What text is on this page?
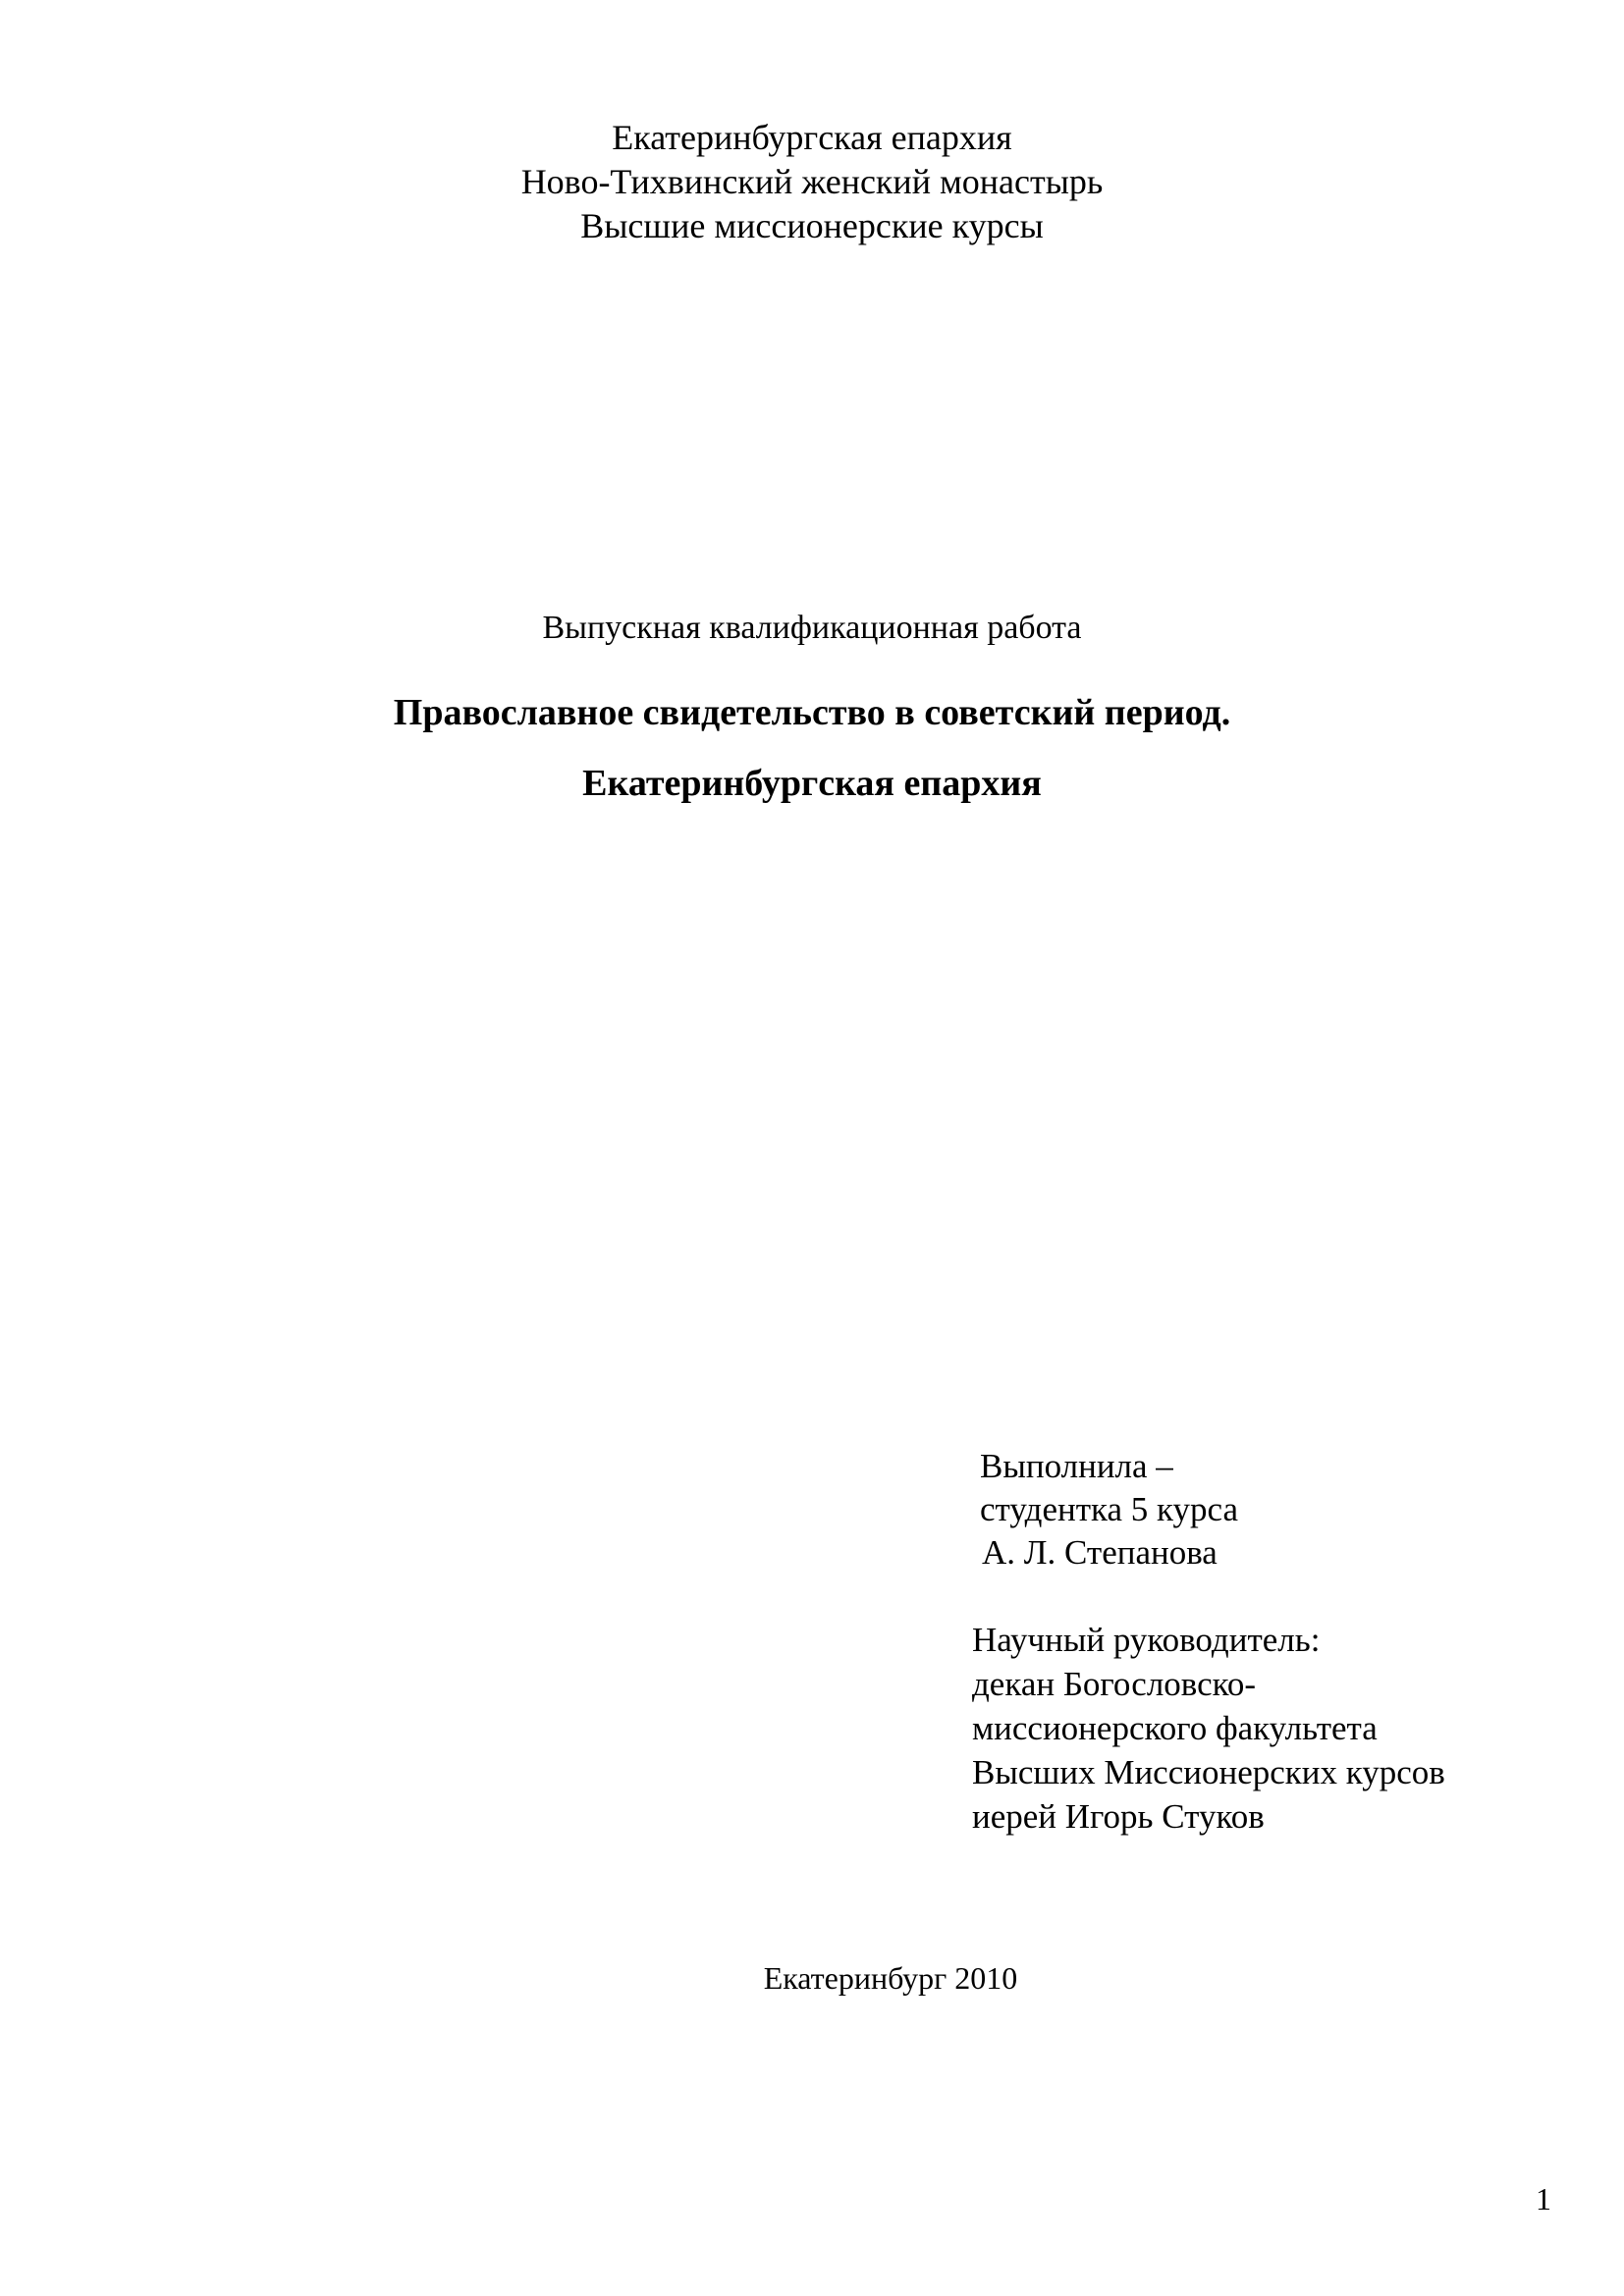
Екатеринбургская епархия
Ново-Тихвинский женский монастырь
Высшие миссионерские курсы
Выпускная квалификационная работа
Православное свидетельство в советский период.
Екатеринбургская епархия
Выполнила –
студентка 5 курса
А. Л. Степанова
Научный руководитель:
декан Богословско-
миссионерского факультета
Высших Миссионерских курсов
иерей Игорь Стуков
Екатеринбург 2010
1
